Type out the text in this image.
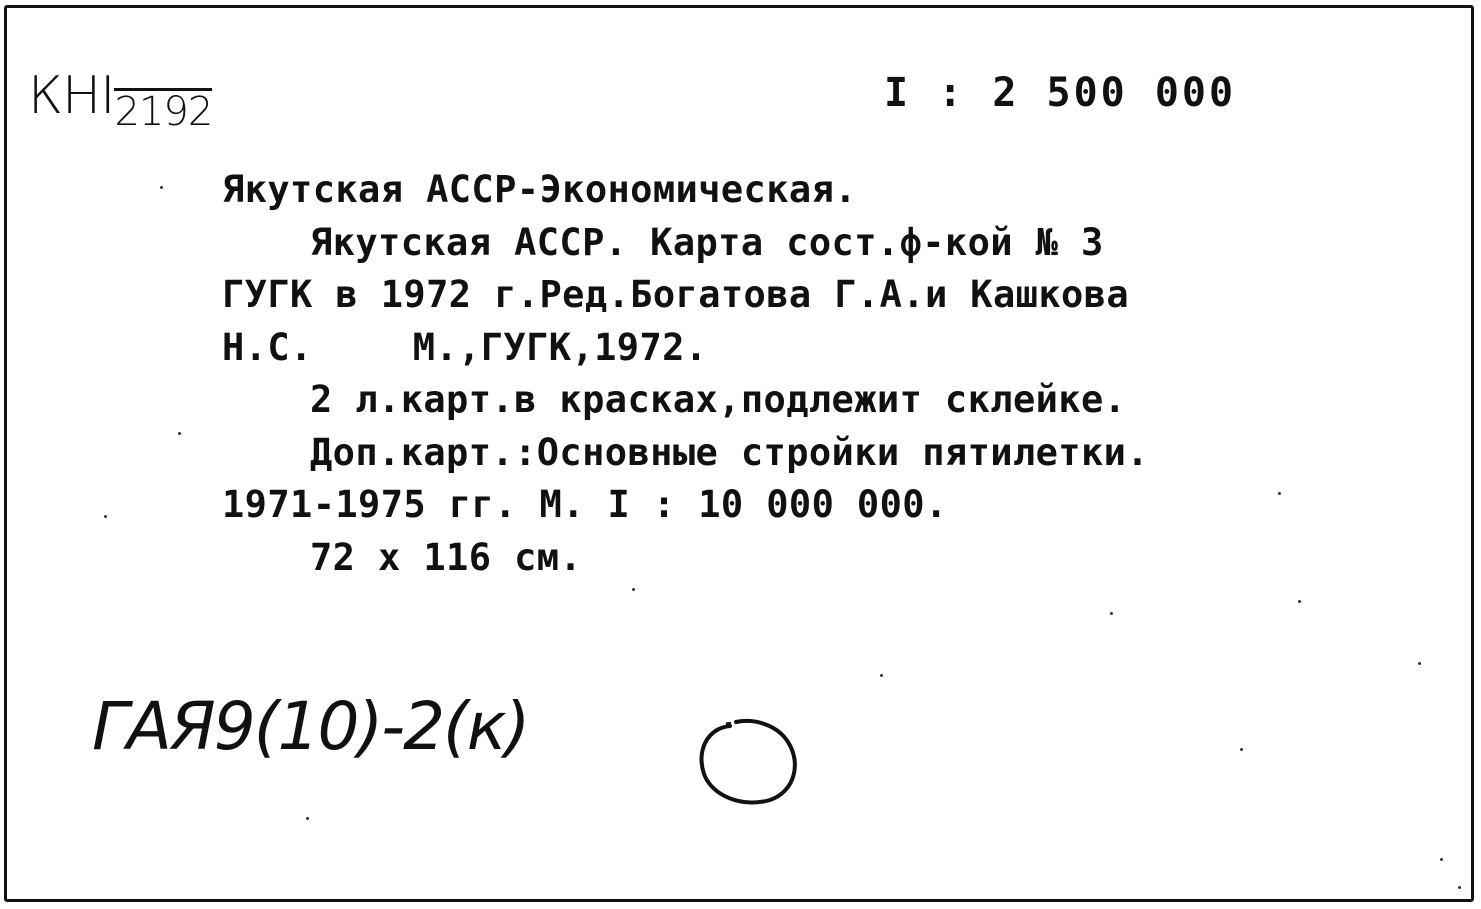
КНI2192	I : 2 500 000
Якутская АССР-Экономическая.
Якутская АССР. Карта сост.ф-кой № 3
ГУГК в 1972 г.Ред.Богатова Г.А.и Кашкова
Н.С.	М.,ГУГК,1972.
2 л.карт.в красках,подлежит склейке.
Доп.карт.:Основные стройки пятилетки.
1971-1975 гг. М. I : 10 000 000.
72 x 116 см.
ГАЯ9(10)-2(к)
